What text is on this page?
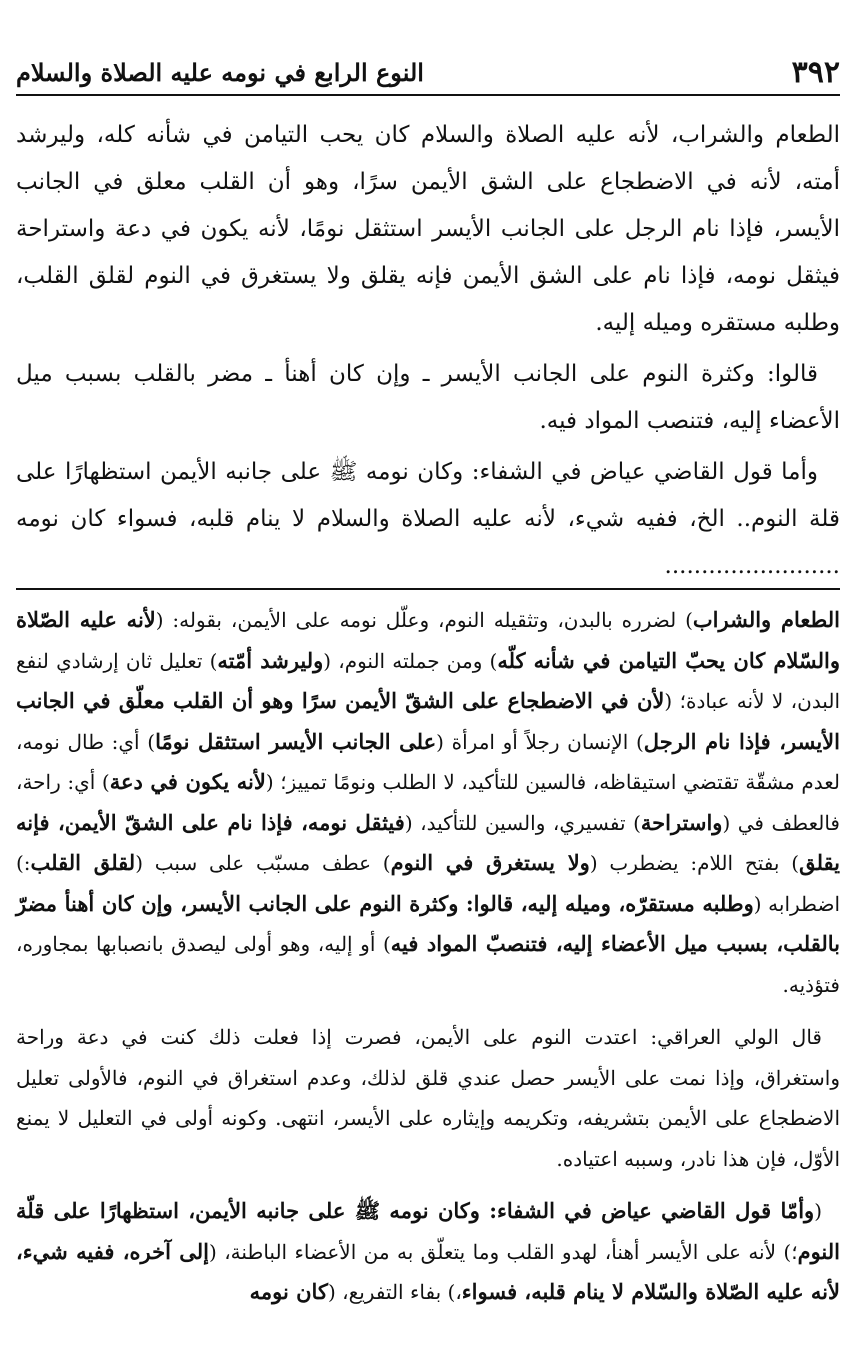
٣٩٢
النوع الرابع في نومه عليه الصلاة والسلام

الطعام والشراب، لأنه عليه الصلاة والسلام كان يحب التيامن في شأنه كله، وليرشد أمته، لأنه في الاضطجاع على الشق الأيمن سرًا، وهو أن القلب معلق في الجانب الأيسر، فإذا نام الرجل على الجانب الأيسر استثقل نومًا، لأنه يكون في دعة واستراحة فيثقل نومه، فإذا نام على الشق الأيمن فإنه يقلق ولا يستغرق في النوم لقلق القلب، وطلبه مستقره وميله إليه.

قالوا: وكثرة النوم على الجانب الأيسر ـ وإن كان أهنأ ـ مضر بالقلب بسبب ميل الأعضاء إليه، فتنصب المواد فيه.

وأما قول القاضي عياض في الشفاء: وكان نومه ﷺ على جانبه الأيمن استظهارًا على قلة النوم.. الخ، ففيه شيء، لأنه عليه الصلاة والسلام لا ينام قلبه، فسواء كان نومه ........................

الطعام والشراب) لضرره بالبدن، وتثقيله النوم، وعلّل نومه على الأيمن، بقوله: (لأنه عليه الصّلاة والسّلام كان يحبّ التيامن في شأنه كلّه) ومن جملته النوم، (وليرشد أمّته) تعليل ثان إرشادي لنفع البدن، لا لأنه عبادة؛ (لأن في الاضطجاع على الشقّ الأيمن سرًا وهو أن القلب معلّق في الجانب الأيسر، فإذا نام الرجل) الإنسان رجلاً أو امرأة (على الجانب الأيسر استثقل نومًا) أي: طال نومه، لعدم مشقّة تقتضي استيقاظه، فالسين للتأكيد، لا الطلب ونومًا تمييز؛ (لأنه يكون في دعة) أي: راحة، فالعطف في (واستراحة) تفسيري، والسين للتأكيد، (فيثقل نومه، فإذا نام على الشقّ الأيمن، فإنه يقلق) بفتح اللام: يضطرب (ولا يستغرق في النوم) عطف مسبّب على سبب (لقلق القلب:) اضطرابه (وطلبه مستقرّه، وميله إليه، قالوا: وكثرة النوم على الجانب الأيسر، وإن كان أهنأ مضرّ بالقلب، بسبب ميل الأعضاء إليه، فتنصبّ المواد فيه) أو إليه، وهو أولى ليصدق بانصبابها بمجاوره، فتؤذيه.

قال الولي العراقي: اعتدت النوم على الأيمن، فصرت إذا فعلت ذلك كنت في دعة وراحة واستغراق، وإذا نمت على الأيسر حصل عندي قلق لذلك، وعدم استغراق في النوم، فالأولى تعليل الاضطجاع على الأيمن بتشريفه، وتكريمه وإيثاره على الأيسر، انتهى. وكونه أولى في التعليل لا يمنع الأوّل، فإن هذا نادر، وسببه اعتياده.

(وأمّا قول القاضي عياض في الشفاء: وكان نومه ﷺ على جانبه الأيمن، استظهارًا على قلّة النوم؛) لأنه على الأيسر أهنأ، لهدو القلب وما يتعلّق به من الأعضاء الباطنة، (إلى آخره، ففيه شيء، لأنه عليه الصّلاة والسّلام لا ينام قلبه، فسواء،) بفاء التفريع، (كان نومه
